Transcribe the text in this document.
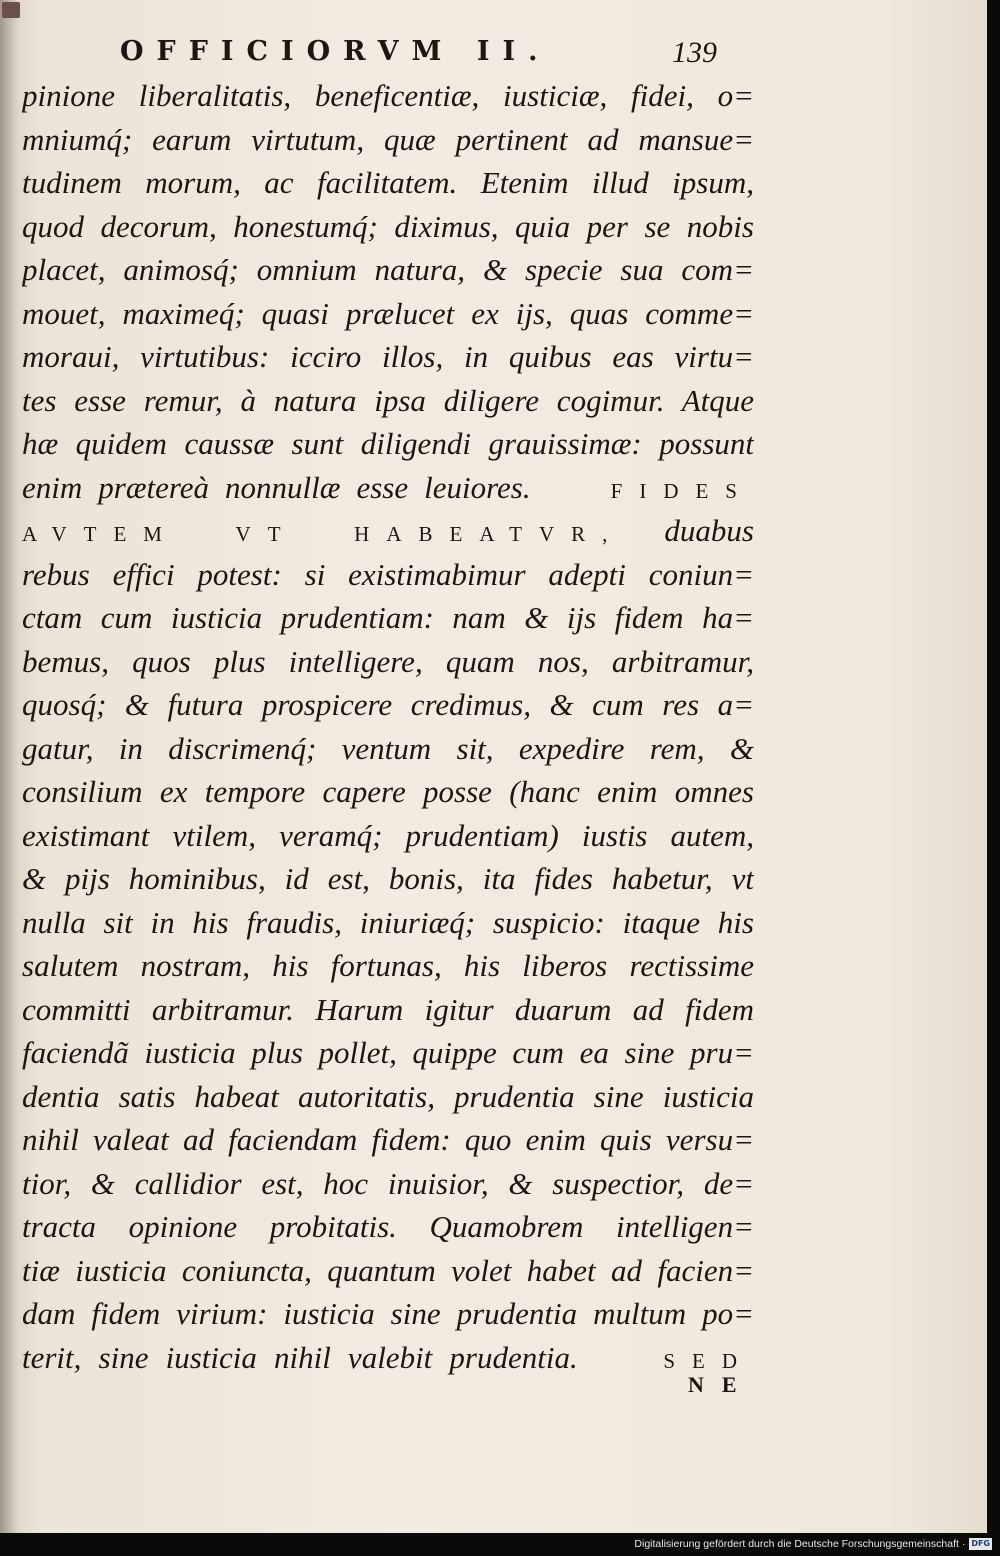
OFFICIORVM II.	139
pinione liberalitatis, beneficentiæ, iusticiæ, fidei, o=
mniumq́; earum virtutum, quæ pertinent ad mansue=
tudinem morum, ac facilitatem. Etenim illud ipsum,
quod decorum, honestumq́; diximus, quia per se nobis
placet, animosq́; omnium natura, & specie sua com=
mouet, maximeq́; quasi prælucet ex ijs, quas comme=
moraui, virtutibus: icciro illos, in quibus eas virtu=
tes esse remur, à natura ipsa diligere cogimur. Atque
hæ quidem caussæ sunt diligendi grauissimæ: possunt
enim prætereà nonnullæ esse leuiores.	FIDES
AVTEM VT HABEATVR, duabus
rebus effici potest: si existimabimur adepti coniun=
ctam cum iusticia prudentiam: nam & ijs fidem ha=
bemus, quos plus intelligere, quam nos, arbitramur,
quosq́; & futura prospicere credimus, & cum res a=
gatur, in discrimenq́; ventum sit, expedire rem, &
consilium ex tempore capere posse (hanc enim omnes
existimant vtilem, veramq́; prudentiam) iustis autem,
& pijs hominibus, id est, bonis, ita fides habetur, vt
nulla sit in his fraudis, iniuriæq́; suspicio: itaque his
salutem nostram, his fortunas, his liberos rectissime
committi arbitramur. Harum igitur duarum ad fidem
faciendã iusticia plus pollet, quippe cum ea sine pru=
dentia satis habeat autoritatis, prudentia sine iusticia
nihil valeat ad faciendam fidem: quo enim quis versu=
tior, & callidior est, hoc inuisior, & suspectior, de=
tracta opinione probitatis. Quamobrem intelligen=
tiæ iusticia coniuncta, quantum volet habet ad facien=
dam fidem virium: iusticia sine prudentia multum po=
terit, sine iusticia nihil valebit prudentia.	SED
NE
Digitalisierung gefördert durch die Deutsche Forschungsgemeinschaft · DFG
